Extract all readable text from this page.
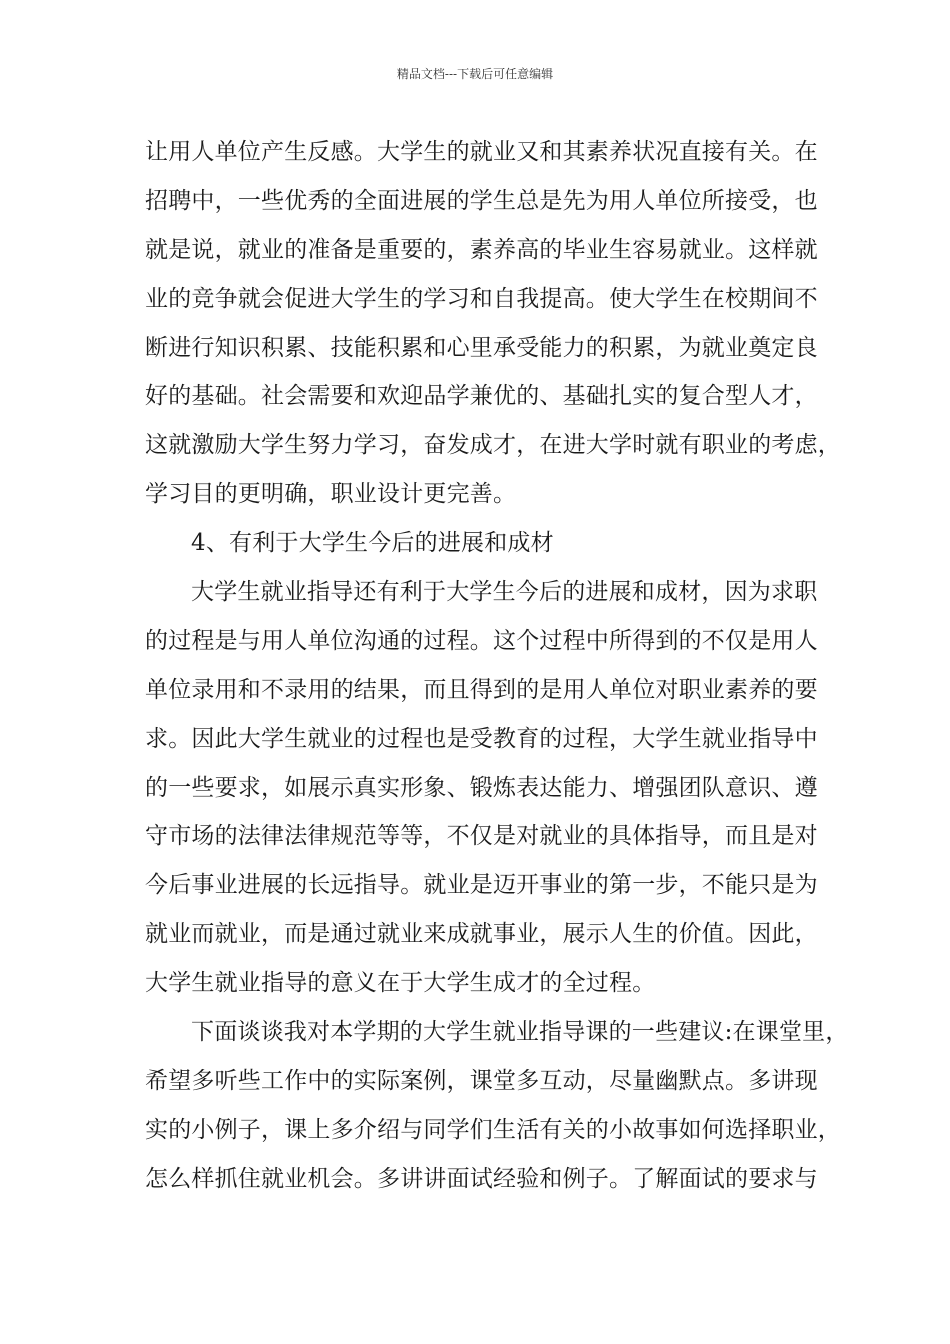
精品文档---下载后可任意编辑
让用人单位产生反感。大学生的就业又和其素养状况直接有关。在
招聘中，一些优秀的全面进展的学生总是先为用人单位所接受，也
就是说，就业的准备是重要的，素养高的毕业生容易就业。这样就
业的竞争就会促进大学生的学习和自我提高。使大学生在校期间不
断进行知识积累、技能积累和心里承受能力的积累，为就业奠定良
好的基础。社会需要和欢迎品学兼优的、基础扎实的复合型人才，
这就激励大学生努力学习，奋发成才，在进大学时就有职业的考虑，
学习目的更明确，职业设计更完善。
4、有利于大学生今后的进展和成材
大学生就业指导还有利于大学生今后的进展和成材，因为求职
的过程是与用人单位沟通的过程。这个过程中所得到的不仅是用人
单位录用和不录用的结果，而且得到的是用人单位对职业素养的要
求。因此大学生就业的过程也是受教育的过程，大学生就业指导中
的一些要求，如展示真实形象、锻炼表达能力、增强团队意识、遵
守市场的法律法律规范等等，不仅是对就业的具体指导，而且是对
今后事业进展的长远指导。就业是迈开事业的第一步，不能只是为
就业而就业，而是通过就业来成就事业，展示人生的价值。因此，
大学生就业指导的意义在于大学生成才的全过程。
下面谈谈我对本学期的大学生就业指导课的一些建议:在课堂里，
希望多听些工作中的实际案例，课堂多互动，尽量幽默点。多讲现
实的小例子，课上多介绍与同学们生活有关的小故事如何选择职业，
怎么样抓住就业机会。多讲讲面试经验和例子。了解面试的要求与
